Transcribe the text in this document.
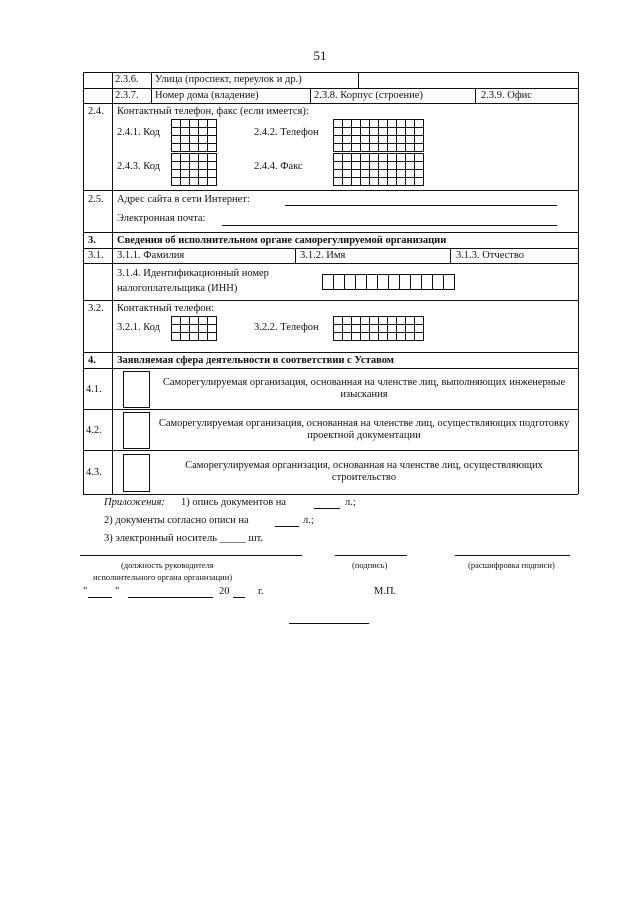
51
2.3.6. Улица (проспект, переулок и др.)
2.3.7. Номер дома (владение)	2.3.8. Корпус (строение)	2.3.9. Офис
2.4. Контактный телефон, факс (если имеется):
2.4.1. Код	2.4.2. Телефон
2.4.3. Код	2.4.4. Факс

2.5. Адрес сайта в сети Интернет:
Электронная почта:
3. Сведения об исполнительном органе саморегулируемой организации
3.1. 3.1.1. Фамилия	3.1.2. Имя	3.1.3. Отчество
3.1.4. Идентификационный номер
налогоплательщика (ИНН)
3.2. Контактный телефон:
3.2.1. Код	3.2.2. Телефон

4. Заявляемая сфера деятельности в соответствии с Уставом
4.1.
Саморегулируемая организация, основанная на членстве лиц, выполняющих инженерные изыскания
4.2.
Саморегулируемая организация, основанная на членстве лиц, осуществляющих подготовку проектной документации
4.3.
Саморегулируемая организация, основанная на членстве лиц, осуществляющих строительство
Приложения: 1) опись документов на	л.;
2) документы согласно описи на	л.;
3) электронный носитель _____ шт.
(должность руководителя
исполнительного органа организации)
(подпись)	(расшифровка подписи)
"	"	20	г.	М.П.
